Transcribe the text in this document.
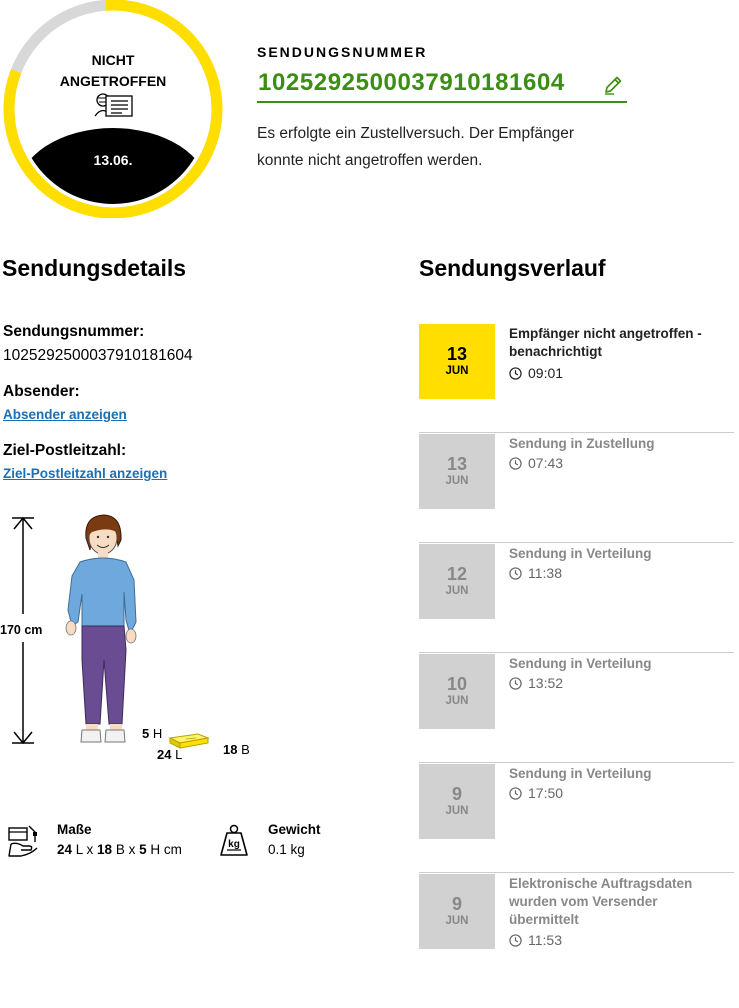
NICHT
ANGETROFFEN
13.06.
SENDUNGSNUMMER
1025292500037910181604
Es erfolgte ein Zustellversuch. Der Empfänger konnte nicht angetroffen werden.
Sendungsdetails	Sendungsverlauf
Sendungsnummer:
1025292500037910181604
Absender:
Absender anzeigen
Ziel-Postleitzahl:
Ziel-Postleitzahl anzeigen
170 cm
5 H
24 L	18 B
Maße
24 L x 18 B x 5 H cm	kg
Gewicht
0.1 kg
13
JUN
Empfänger nicht angetroffen - benachrichtigt
09:01
13
JUN
Sendung in Zustellung
07:43
12
JUN
Sendung in Verteilung
11:38
10
JUN
Sendung in Verteilung
13:52
9
JUN
Sendung in Verteilung
17:50
9
JUN
Elektronische Auftragsdaten wurden vom Versender übermittelt
11:53
